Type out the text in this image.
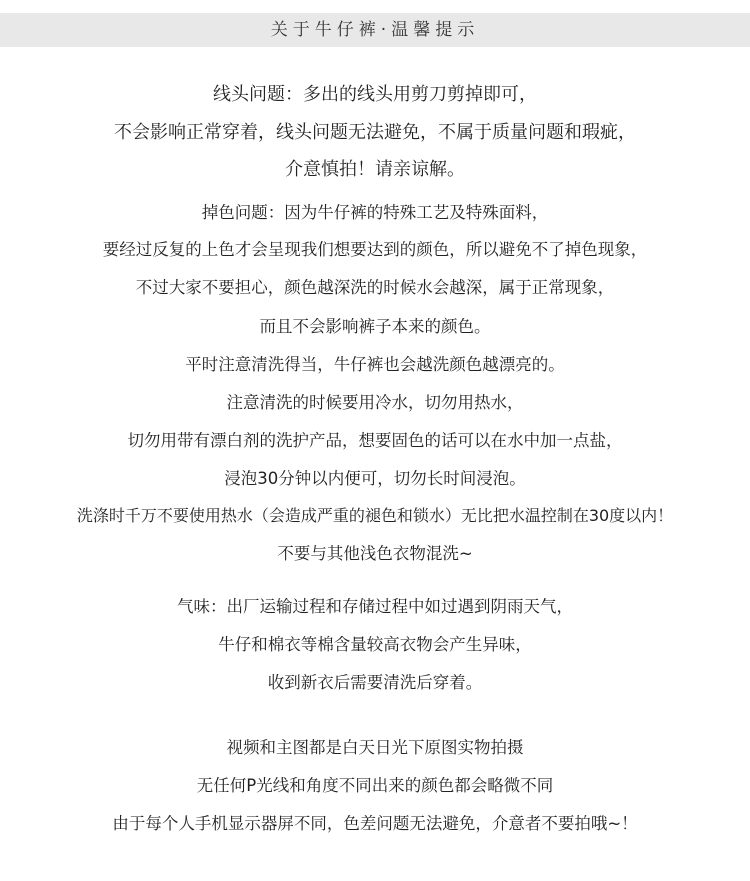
关于牛仔裤·温馨提示
线头问题：多出的线头用剪刀剪掉即可，
不会影响正常穿着，线头问题无法避免，不属于质量问题和瑕疵，
介意慎拍！请亲谅解。
掉色问题：因为牛仔裤的特殊工艺及特殊面料，
要经过反复的上色才会呈现我们想要达到的颜色，所以避免不了掉色现象，
不过大家不要担心，颜色越深洗的时候水会越深，属于正常现象，
而且不会影响裤子本来的颜色。
平时注意清洗得当，牛仔裤也会越洗颜色越漂亮的。
注意清洗的时候要用冷水，切勿用热水，
切勿用带有漂白剂的洗护产品，想要固色的话可以在水中加一点盐，
浸泡30分钟以内便可，切勿长时间浸泡。
洗涤时千万不要使用热水（会造成严重的褪色和锁水）无比把水温控制在30度以内！
不要与其他浅色衣物混洗~
气味：出厂运输过程和存储过程中如过遇到阴雨天气，
牛仔和棉衣等棉含量较高衣物会产生异味，
收到新衣后需要清洗后穿着。
视频和主图都是白天日光下原图实物拍摄
无任何P光线和角度不同出来的颜色都会略微不同
由于每个人手机显示器屏不同，色差问题无法避免，介意者不要拍哦~！
